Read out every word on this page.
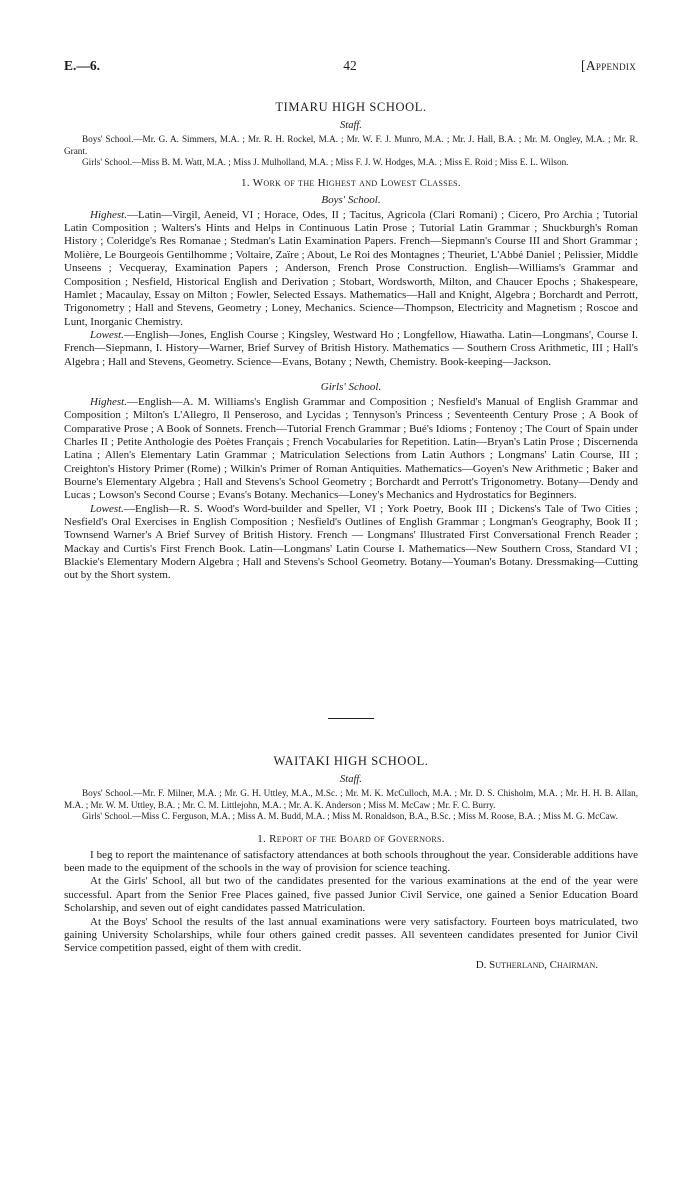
E.—6.	42	[Appendix

TIMARU HIGH SCHOOL.

Staff.

Boys' School.—Mr. G. A. Simmers, M.A. ; Mr. R. H. Rockel, M.A. ; Mr. W. F. J. Munro, M.A. ; Mr. J. Hall, B.A. ; Mr. M. Ongley, M.A. ; Mr. R. Grant.

Girls' School.—Miss B. M. Watt, M.A. ; Miss J. Mulholland, M.A. ; Miss F. J. W. Hodges, M.A. ; Miss E. Roid ; Miss E. L. Wilson.

1. Work of the Highest and Lowest Classes.

Boys' School.

Highest.—Latin—Virgil, Aeneid, VI ; Horace, Odes, II ; Tacitus, Agricola (Clari Romani) ; Cicero, Pro Archia ; Tutorial Latin Composition ; Walters's Hints and Helps in Continuous Latin Prose ; Tutorial Latin Grammar ; Shuckburgh's Roman History ; Coleridge's Res Romanae ; Stedman's Latin Examination Papers. French—Siepmann's Course III and Short Grammar ; Molière, Le Bourgeois Gentilhomme ; Voltaire, Zaïre ; About, Le Roi des Montagnes ; Theuriet, L'Abbé Daniel ; Pelissier, Middle Unseens ; Vecqueray, Examination Papers ; Anderson, French Prose Construction. English—Williams's Grammar and Composition ; Nesfield, Historical English and Derivation ; Stobart, Wordsworth, Milton, and Chaucer Epochs ; Shakespeare, Hamlet ; Macaulay, Essay on Milton ; Fowler, Selected Essays. Mathematics—Hall and Knight, Algebra ; Borchardt and Perrott, Trigonometry ; Hall and Stevens, Geometry ; Loney, Mechanics. Science—Thompson, Electricity and Magnetism ; Roscoe and Lunt, Inorganic Chemistry.

Lowest.—English—Jones, English Course ; Kingsley, Westward Ho ; Longfellow, Hiawatha. Latin—Longmans', Course I. French—Siepmann, I. History—Warner, Brief Survey of British History. Mathematics — Southern Cross Arithmetic, III ; Hall's Algebra ; Hall and Stevens, Geometry. Science—Evans, Botany ; Newth, Chemistry. Book-keeping—Jackson.

Girls' School.

Highest.—English—A. M. Williams's English Grammar and Composition ; Nesfield's Manual of English Grammar and Composition ; Milton's L'Allegro, Il Penseroso, and Lycidas ; Tennyson's Princess ; Seventeenth Century Prose ; A Book of Comparative Prose ; A Book of Sonnets. French—Tutorial French Grammar ; Bué's Idioms ; Fontenoy ; The Court of Spain under Charles II ; Petite Anthologie des Poètes Français ; French Vocabularies for Repetition. Latin—Bryan's Latin Prose ; Discernenda Latina ; Allen's Elementary Latin Grammar ; Matriculation Selections from Latin Authors ; Longmans' Latin Course, III ; Creighton's History Primer (Rome) ; Wilkin's Primer of Roman Antiquities. Mathematics—Goyen's New Arithmetic ; Baker and Bourne's Elementary Algebra ; Hall and Stevens's School Geometry ; Borchardt and Perrott's Trigonometry. Botany—Dendy and Lucas ; Lowson's Second Course ; Evans's Botany. Mechanics—Loney's Mechanics and Hydrostatics for Beginners.

Lowest.—English—R. S. Wood's Word-builder and Speller, VI ; York Poetry, Book III ; Dickens's Tale of Two Cities ; Nesfield's Oral Exercises in English Composition ; Nesfield's Outlines of English Grammar ; Longman's Geography, Book II ; Townsend Warner's A Brief Survey of British History. French — Longmans' Illustrated First Conversational French Reader ; Mackay and Curtis's First French Book. Latin—Longmans' Latin Course I. Mathematics—New Southern Cross, Standard VI ; Blackie's Elementary Modern Algebra ; Hall and Stevens's School Geometry. Botany—Youman's Botany. Dressmaking—Cutting out by the Short system.

WAITAKI HIGH SCHOOL.

Staff.

Boys' School.—Mr. F. Milner, M.A. ; Mr. G. H. Uttley, M.A., M.Sc. ; Mr. M. K. McCulloch, M.A. ; Mr. D. S. Chisholm, M.A. ; Mr. H. H. B. Allan, M.A. ; Mr. W. M. Uttley, B.A. ; Mr. C. M. Littlejohn, M.A. ; Mr. A. K. Anderson ; Miss M. McCaw ; Mr. F. C. Burry.

Girls' School.—Miss C. Ferguson, M.A. ; Miss A. M. Budd, M.A. ; Miss M. Ronaldson, B.A., B.Sc. ; Miss M. Roose, B.A. ; Miss M. G. McCaw.

1. Report of the Board of Governors.

I beg to report the maintenance of satisfactory attendances at both schools throughout the year. Considerable additions have been made to the equipment of the schools in the way of provision for science teaching.

At the Girls' School, all but two of the candidates presented for the various examinations at the end of the year were successful. Apart from the Senior Free Places gained, five passed Junior Civil Service, one gained a Senior Education Board Scholarship, and seven out of eight candidates passed Matriculation.

At the Boys' School the results of the last annual examinations were very satisfactory. Fourteen boys matriculated, two gaining University Scholarships, while four others gained credit passes. All seventeen candidates presented for Junior Civil Service competition passed, eight of them with credit.

D. Sutherland, Chairman.
